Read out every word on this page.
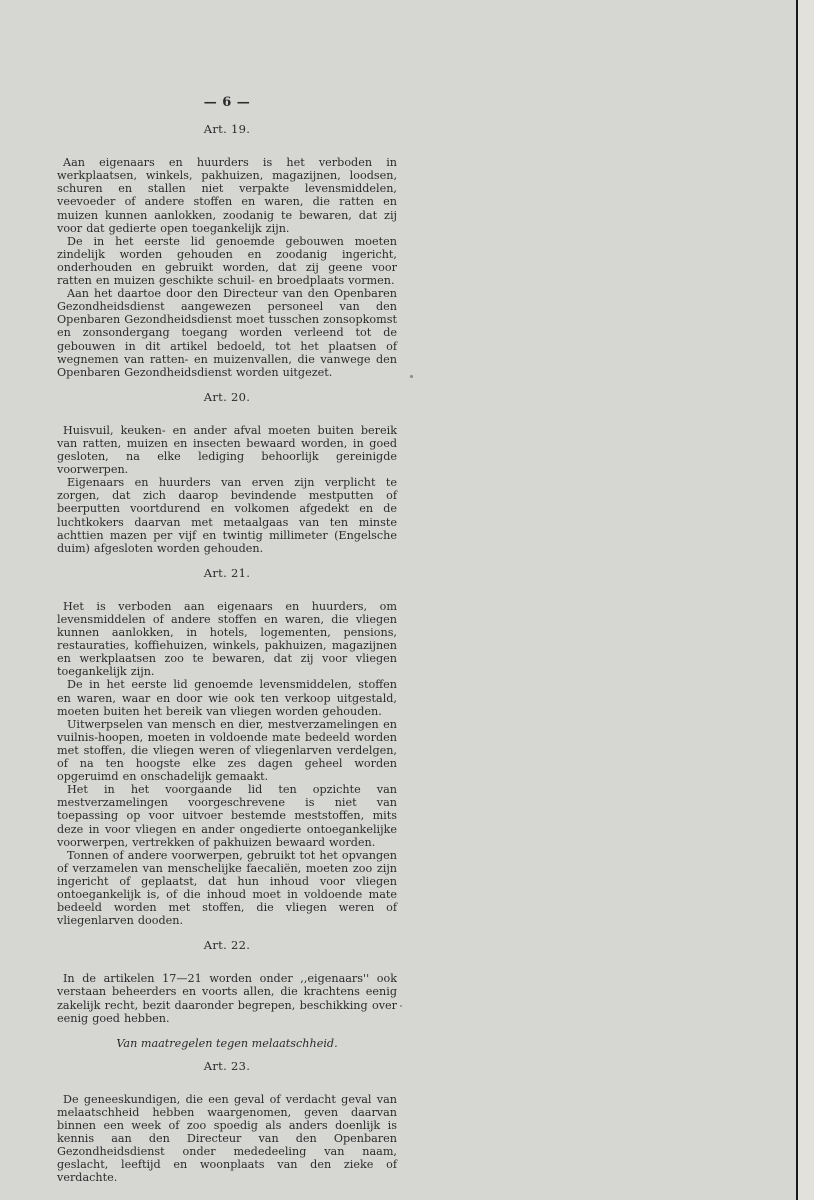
— 6 —
Art. 19.

Aan eigenaars en huurders is het verboden in werkplaatsen, winkels, pakhuizen, magazijnen, loodsen, schuren en stallen niet verpakte levensmiddelen, veevoeder of andere stoffen en waren, die ratten en muizen kunnen aanlokken, zoodanig te bewaren, dat zij voor dat gedierte open toegankelijk zijn.

De in het eerste lid genoemde gebouwen moeten zindelijk worden gehouden en zoodanig ingericht, onderhouden en gebruikt worden, dat zij geene voor ratten en muizen geschikte schuil- en broedplaats vormen.

Aan het daartoe door den Directeur van den Openbaren Gezondheidsdienst aangewezen personeel van den Openbaren Gezondheidsdienst moet tusschen zonsopkomst en zonsondergang toegang worden verleend tot de gebouwen in dit artikel bedoeld, tot het plaatsen of wegnemen van ratten- en muizenvallen, die vanwege den Openbaren Gezondheidsdienst worden uitgezet.

Art. 20.

Huisvuil, keuken- en ander afval moeten buiten bereik van ratten, muizen en insecten bewaard worden, in goed gesloten, na elke lediging behoorlijk gereinigde voorwerpen.

Eigenaars en huurders van erven zijn verplicht te zorgen, dat zich daarop bevindende mestputten of beerputten voortdurend en volkomen afgedekt en de luchtkokers daarvan met metaalgaas van ten minste achttien mazen per vijf en twintig millimeter (Engelsche duim) afgesloten worden gehouden.

Art. 21.

Het is verboden aan eigenaars en huurders, om levensmiddelen of andere stoffen en waren, die vliegen kunnen aanlokken, in hotels, logementen, pensions, restauraties, koffiehuizen, winkels, pakhuizen, magazijnen en werkplaatsen zoo te bewaren, dat zij voor vliegen toegankelijk zijn.

De in het eerste lid genoemde levensmiddelen, stoffen en waren, waar en door wie ook ten verkoop uitgestald, moeten buiten het bereik van vliegen worden gehouden.

Uitwerpselen van mensch en dier, mestverzamelingen en vuilnis-hoopen, moeten in voldoende mate bedeeld worden met stoffen, die vliegen weren of vliegenlarven verdelgen, of na ten hoogste elke zes dagen geheel worden opgeruimd en onschadelijk gemaakt.

Het in het voorgaande lid ten opzichte van mestverzamelingen voorgeschrevene is niet van toepassing op voor uitvoer bestemde meststoffen, mits deze in voor vliegen en ander ongedierte ontoegankelijke voorwerpen, vertrekken of pakhuizen bewaard worden.

Tonnen of andere voorwerpen, gebruikt tot het opvangen of verzamelen van menschelijke faecaliën, moeten zoo zijn ingericht of geplaatst, dat hun inhoud voor vliegen ontoegankelijk is, of die inhoud moet in voldoende mate bedeeld worden met stoffen, die vliegen weren of vliegenlarven dooden.

Art. 22.

In de artikelen 17—21 worden onder ,,eigenaars'' ook verstaan beheerders en voorts allen, die krachtens eenig zakelijk recht, bezit daaronder begrepen, beschikking over eenig goed hebben.

Van maatregelen tegen melaatschheid.
Art. 23.

De geneeskundigen, die een geval of verdacht geval van melaatschheid hebben waargenomen, geven daarvan binnen een week of zoo spoedig als anders doenlijk is kennis aan den Directeur van den Openbaren Gezondheidsdienst onder mededeeling van naam, geslacht, leeftijd en woonplaats van den zieke of verdachte.
